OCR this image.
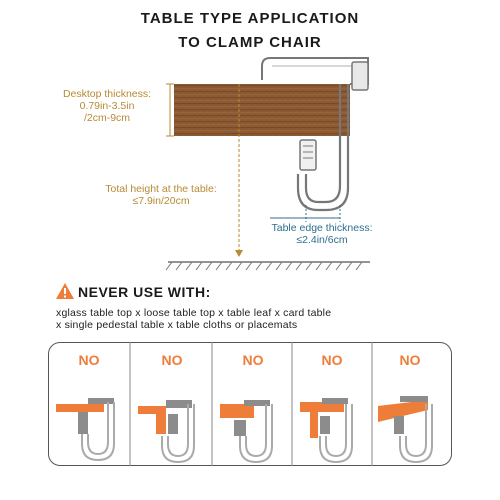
TABLE TYPE APPLICATION
TO CLAMP CHAIR
Desktop thickness:
0.79in-3.5in
/2cm-9cm
Total height at the table:
≤7.9in/20cm
Table edge thickness:
≤2.4in/6cm
NEVER USE WITH:
xglass table top x loose table top x table leaf x card table
x single pedestal table x table cloths or placemats
NO	NO	NO	NO	NO
